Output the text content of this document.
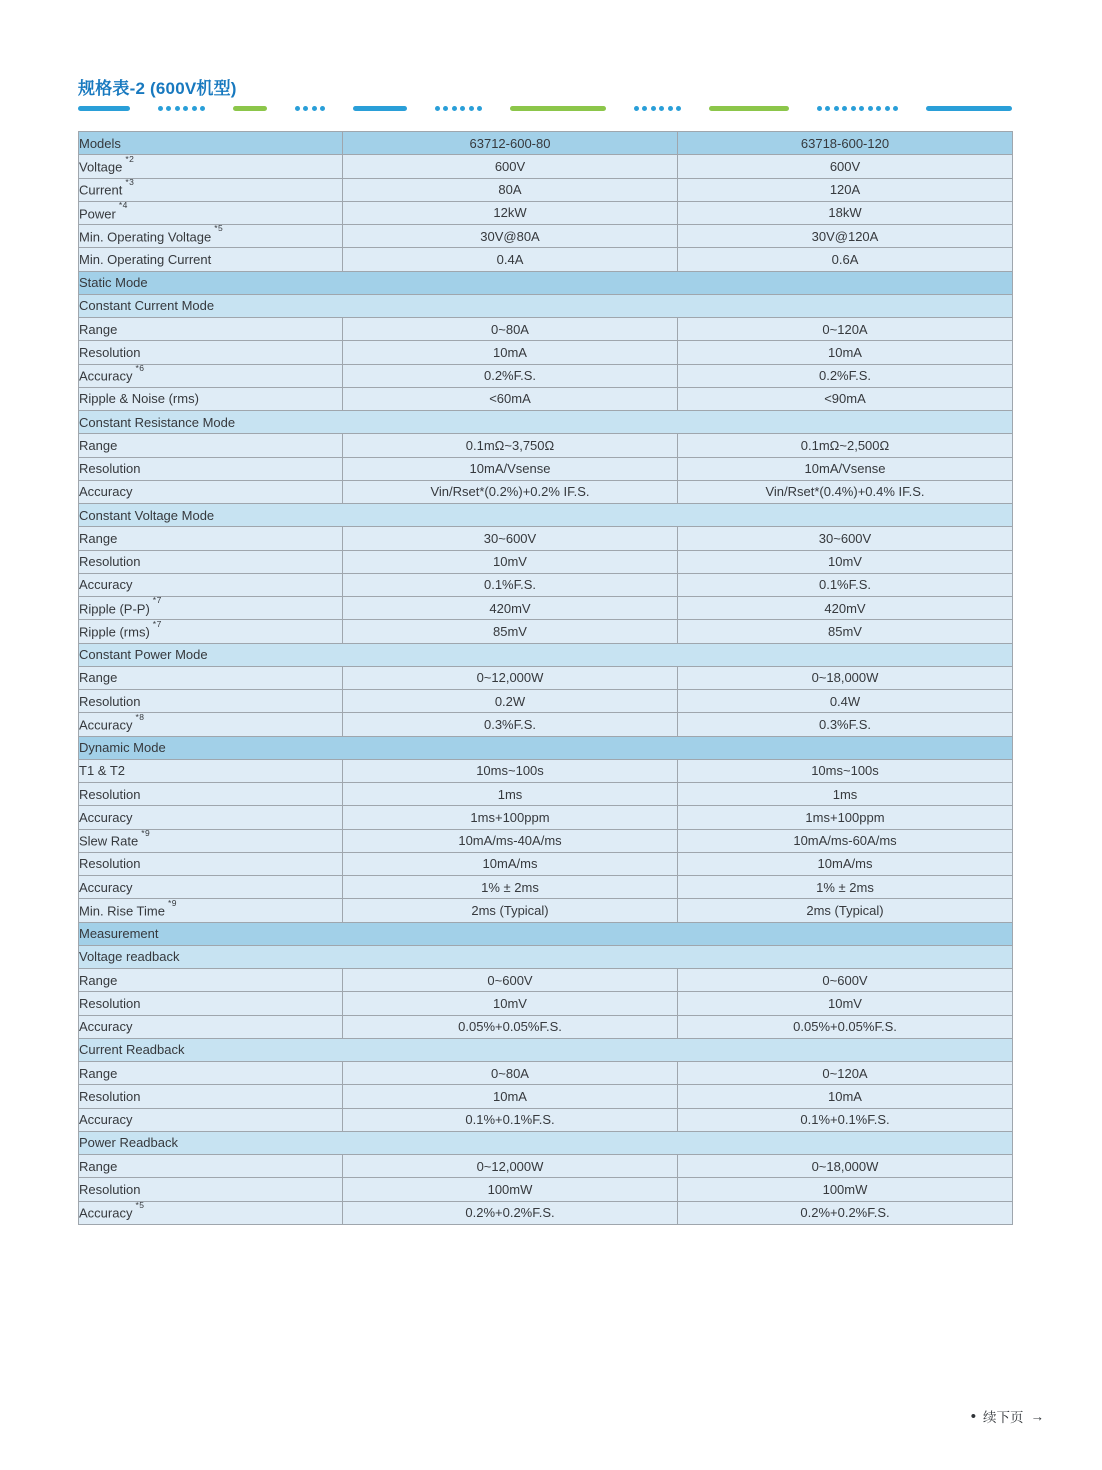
规格表-2 (600V机型)
Models	63712-600-80	63718-600-120
Voltage$^{*2}$	600V	600V
Current$^{*3}$	80A	120A
Power$^{*4}$	12kW	18kW
Min. Operating Voltage$^{*5}$	30V@80A	30V@120A
Min. Operating Current	0.4A	0.6A
Static Mode		
Constant Current Mode		
Range	0~80A	0~120A
Resolution	10mA	10mA
Accuracy$^{*6}$	0.2%F.S.	0.2%F.S.
Ripple & Noise (rms)	<60mA	<90mA
Constant Resistance Mode		
Range	0.1mΩ~3,750Ω	0.1mΩ~2,500Ω
Resolution	10mA/Vsense	10mA/Vsense
Accuracy	Vin/Rset*(0.2%)+0.2% IF.S.	Vin/Rset*(0.4%)+0.4% IF.S.
Constant Voltage Mode		
Range	30~600V	30~600V
Resolution	10mV	10mV
Accuracy	0.1%F.S.	0.1%F.S.
Ripple (P-P)$^{*7}$	420mV	420mV
Ripple (rms)$^{*7}$	85mV	85mV
Constant Power Mode		
Range	0~12,000W	0~18,000W
Resolution	0.2W	0.4W
Accuracy$^{*8}$	0.3%F.S.	0.3%F.S.
Dynamic Mode		
T1 & T2	10ms~100s	10ms~100s
Resolution	1ms	1ms
Accuracy	1ms+100ppm	1ms+100ppm
Slew Rate$^{*9}$	10mA/ms-40A/ms	10mA/ms-60A/ms
Resolution	10mA/ms	10mA/ms
Accuracy	1% ± 2ms	1% ± 2ms
Min. Rise Time$^{*9}$	2ms (Typical)	2ms (Typical)
Measurement		
Voltage readback		
Range	0~600V	0~600V
Resolution	10mV	10mV
Accuracy	0.05%+0.05%F.S.	0.05%+0.05%F.S.
Current Readback		
Range	0~80A	0~120A
Resolution	10mA	10mA
Accuracy	0.1%+0.1%F.S.	0.1%+0.1%F.S.
Power Readback		
Range	0~12,000W	0~18,000W
Resolution	100mW	100mW
Accuracy$^{*5}$	0.2%+0.2%F.S.	0.2%+0.2%F.S.
• 续下页 →
